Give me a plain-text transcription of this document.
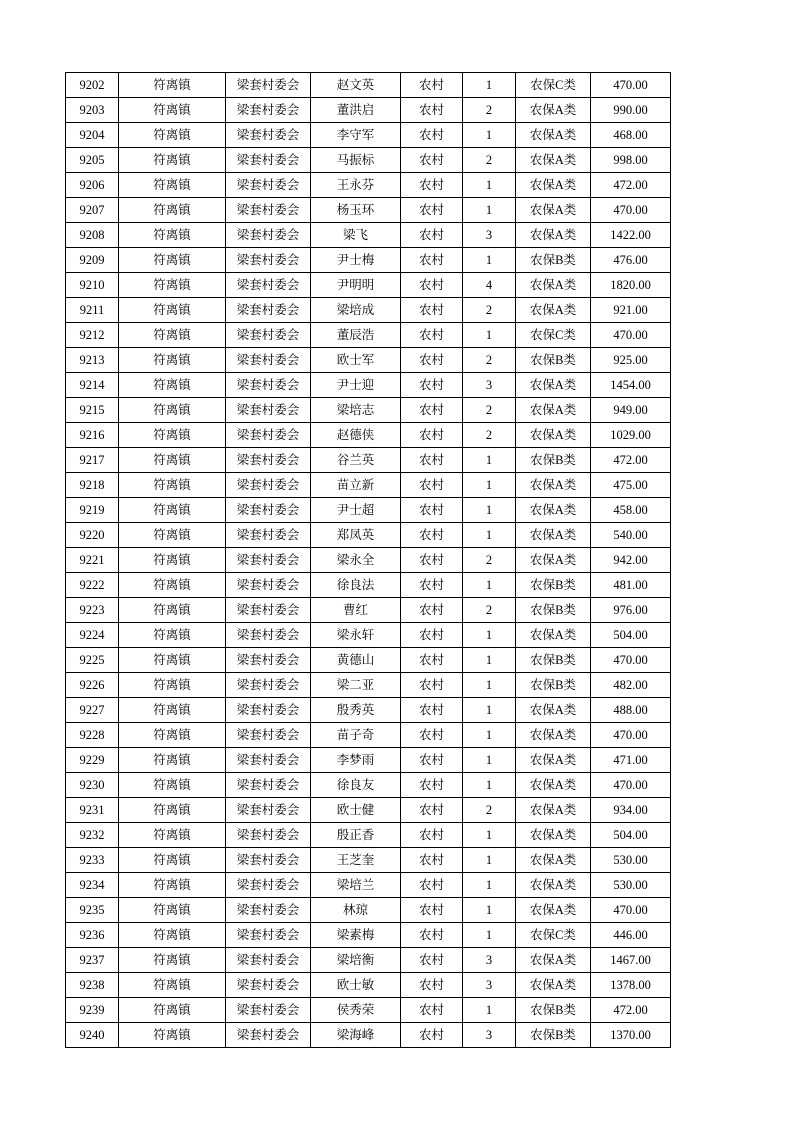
9202	符离镇	梁套村委会	赵文英	农村	1	农保C类	470.00
9203	符离镇	梁套村委会	董洪启	农村	2	农保A类	990.00
9204	符离镇	梁套村委会	李守军	农村	1	农保A类	468.00
9205	符离镇	梁套村委会	马振标	农村	2	农保A类	998.00
9206	符离镇	梁套村委会	王永芬	农村	1	农保A类	472.00
9207	符离镇	梁套村委会	杨玉环	农村	1	农保A类	470.00
9208	符离镇	梁套村委会	梁飞	农村	3	农保A类	1422.00
9209	符离镇	梁套村委会	尹士梅	农村	1	农保B类	476.00
9210	符离镇	梁套村委会	尹明明	农村	4	农保A类	1820.00
9211	符离镇	梁套村委会	梁培成	农村	2	农保A类	921.00
9212	符离镇	梁套村委会	董辰浩	农村	1	农保C类	470.00
9213	符离镇	梁套村委会	欧士军	农村	2	农保B类	925.00
9214	符离镇	梁套村委会	尹士迎	农村	3	农保A类	1454.00
9215	符离镇	梁套村委会	梁培志	农村	2	农保A类	949.00
9216	符离镇	梁套村委会	赵德侠	农村	2	农保A类	1029.00
9217	符离镇	梁套村委会	谷兰英	农村	1	农保B类	472.00
9218	符离镇	梁套村委会	苗立新	农村	1	农保A类	475.00
9219	符离镇	梁套村委会	尹士超	农村	1	农保A类	458.00
9220	符离镇	梁套村委会	郑凤英	农村	1	农保A类	540.00
9221	符离镇	梁套村委会	梁永全	农村	2	农保A类	942.00
9222	符离镇	梁套村委会	徐良法	农村	1	农保B类	481.00
9223	符离镇	梁套村委会	曹红	农村	2	农保B类	976.00
9224	符离镇	梁套村委会	梁永轩	农村	1	农保A类	504.00
9225	符离镇	梁套村委会	黄德山	农村	1	农保B类	470.00
9226	符离镇	梁套村委会	梁二亚	农村	1	农保B类	482.00
9227	符离镇	梁套村委会	殷秀英	农村	1	农保A类	488.00
9228	符离镇	梁套村委会	苗子奇	农村	1	农保A类	470.00
9229	符离镇	梁套村委会	李梦雨	农村	1	农保A类	471.00
9230	符离镇	梁套村委会	徐良友	农村	1	农保A类	470.00
9231	符离镇	梁套村委会	欧士健	农村	2	农保A类	934.00
9232	符离镇	梁套村委会	殷正香	农村	1	农保A类	504.00
9233	符离镇	梁套村委会	王芝奎	农村	1	农保A类	530.00
9234	符离镇	梁套村委会	梁培兰	农村	1	农保A类	530.00
9235	符离镇	梁套村委会	林琼	农村	1	农保A类	470.00
9236	符离镇	梁套村委会	梁素梅	农村	1	农保C类	446.00
9237	符离镇	梁套村委会	梁培衡	农村	3	农保A类	1467.00
9238	符离镇	梁套村委会	欧士敏	农村	3	农保A类	1378.00
9239	符离镇	梁套村委会	侯秀荣	农村	1	农保B类	472.00
9240	符离镇	梁套村委会	梁海峰	农村	3	农保B类	1370.00
